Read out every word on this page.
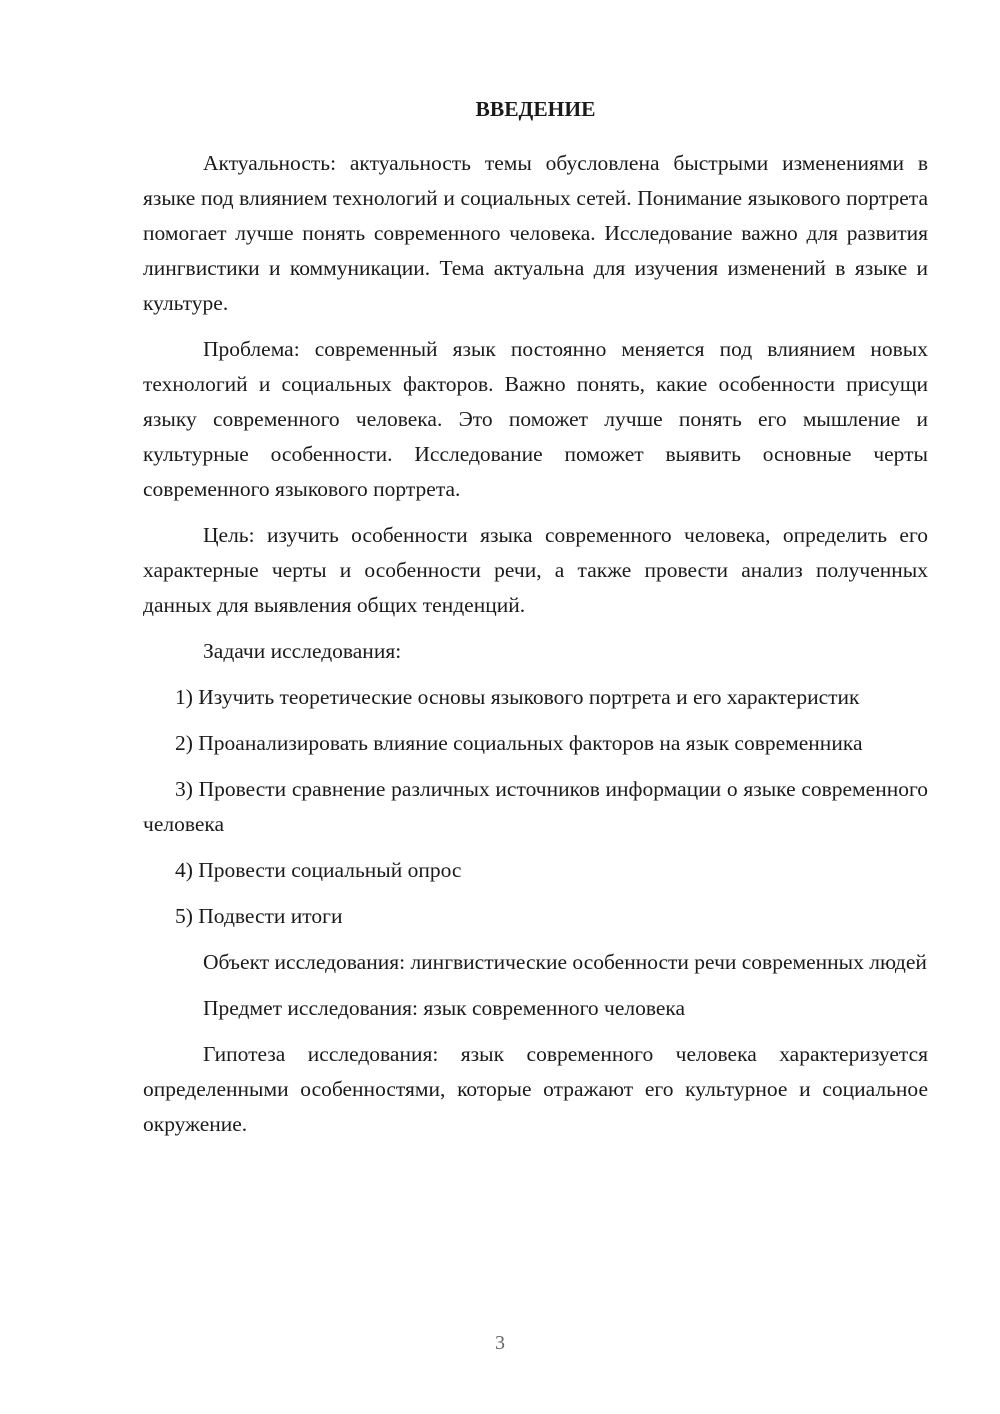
ВВЕДЕНИЕ

Актуальность: актуальность темы обусловлена быстрыми изменениями в языке под влиянием технологий и социальных сетей. Понимание языкового портрета помогает лучше понять современного человека. Исследование важно для развития лингвистики и коммуникации. Тема актуальна для изучения изменений в языке и культуре.

Проблема: современный язык постоянно меняется под влиянием новых технологий и социальных факторов. Важно понять, какие особенности присущи языку современного человека. Это поможет лучше понять его мышление и культурные особенности. Исследование поможет выявить основные черты современного языкового портрета.

Цель: изучить особенности языка современного человека, определить его характерные черты и особенности речи, а также провести анализ полученных данных для выявления общих тенденций.

Задачи исследования:

1) Изучить теоретические основы языкового портрета и его характеристик

2) Проанализировать влияние социальных факторов на язык современника

3) Провести сравнение различных источников информации о языке современного человека

4) Провести социальный опрос

5) Подвести итоги

Объект исследования: лингвистические особенности речи современных людей

Предмет исследования: язык современного человека

Гипотеза исследования: язык современного человека характеризуется определенными особенностями, которые отражают его культурное и социальное окружение.

3
